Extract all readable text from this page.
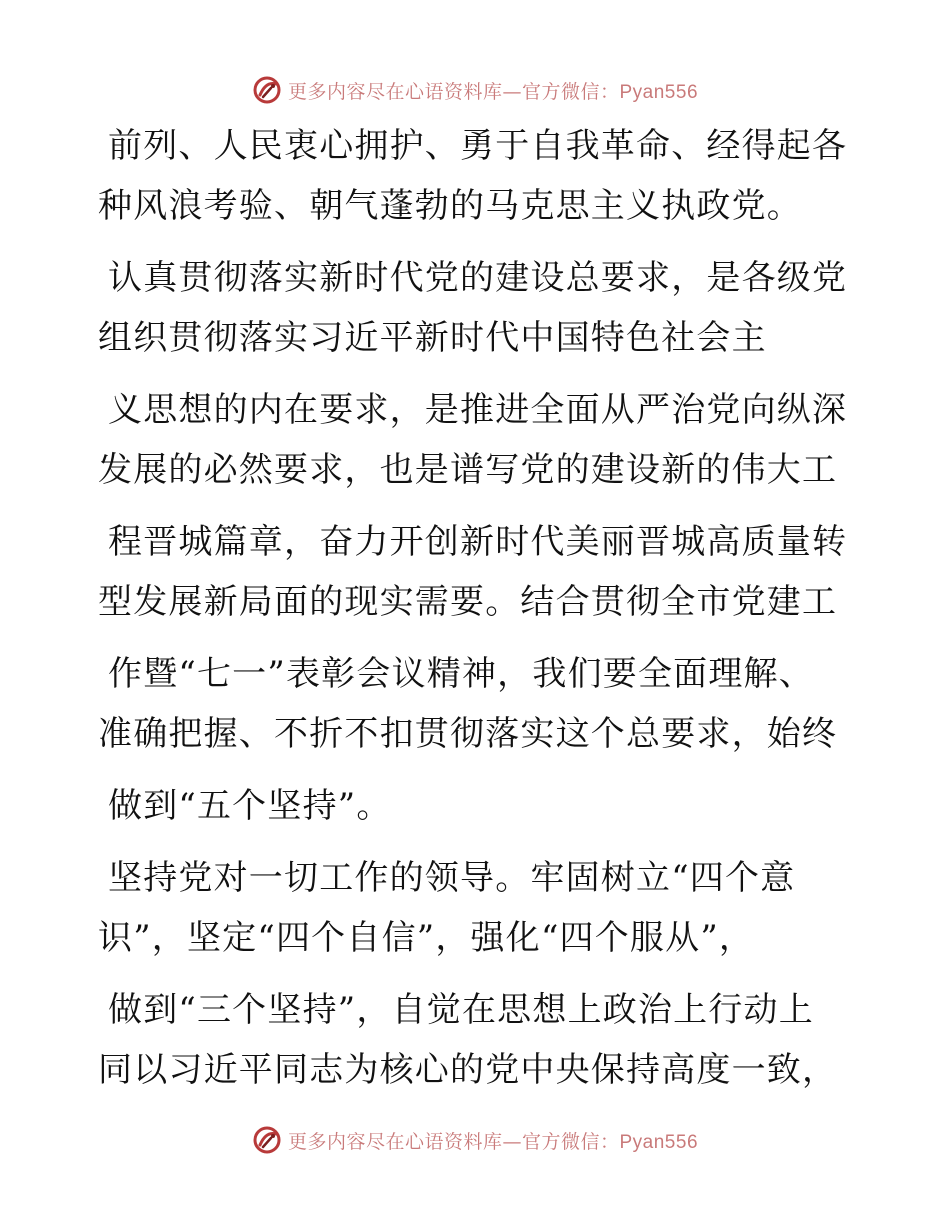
更多内容尽在心语资料库—官方微信：Pyan556
前列、人民衷心拥护、勇于自我革命、经得起各
种风浪考验、朝气蓬勃的马克思主义执政党。
认真贯彻落实新时代党的建设总要求，是各级党
组织贯彻落实习近平新时代中国特色社会主
义思想的内在要求，是推进全面从严治党向纵深
发展的必然要求，也是谱写党的建设新的伟大工
程晋城篇章，奋力开创新时代美丽晋城高质量转
型发展新局面的现实需要。结合贯彻全市党建工
作暨“七一”表彰会议精神，我们要全面理解、
准确把握、不折不扣贯彻落实这个总要求，始终
做到“五个坚持”。
坚持党对一切工作的领导。牢固树立“四个意
识”，坚定“四个自信”，强化“四个服从”，
做到“三个坚持”，自觉在思想上政治上行动上
同以习近平同志为核心的党中央保持高度一致，
更多内容尽在心语资料库—官方微信：Pyan556
